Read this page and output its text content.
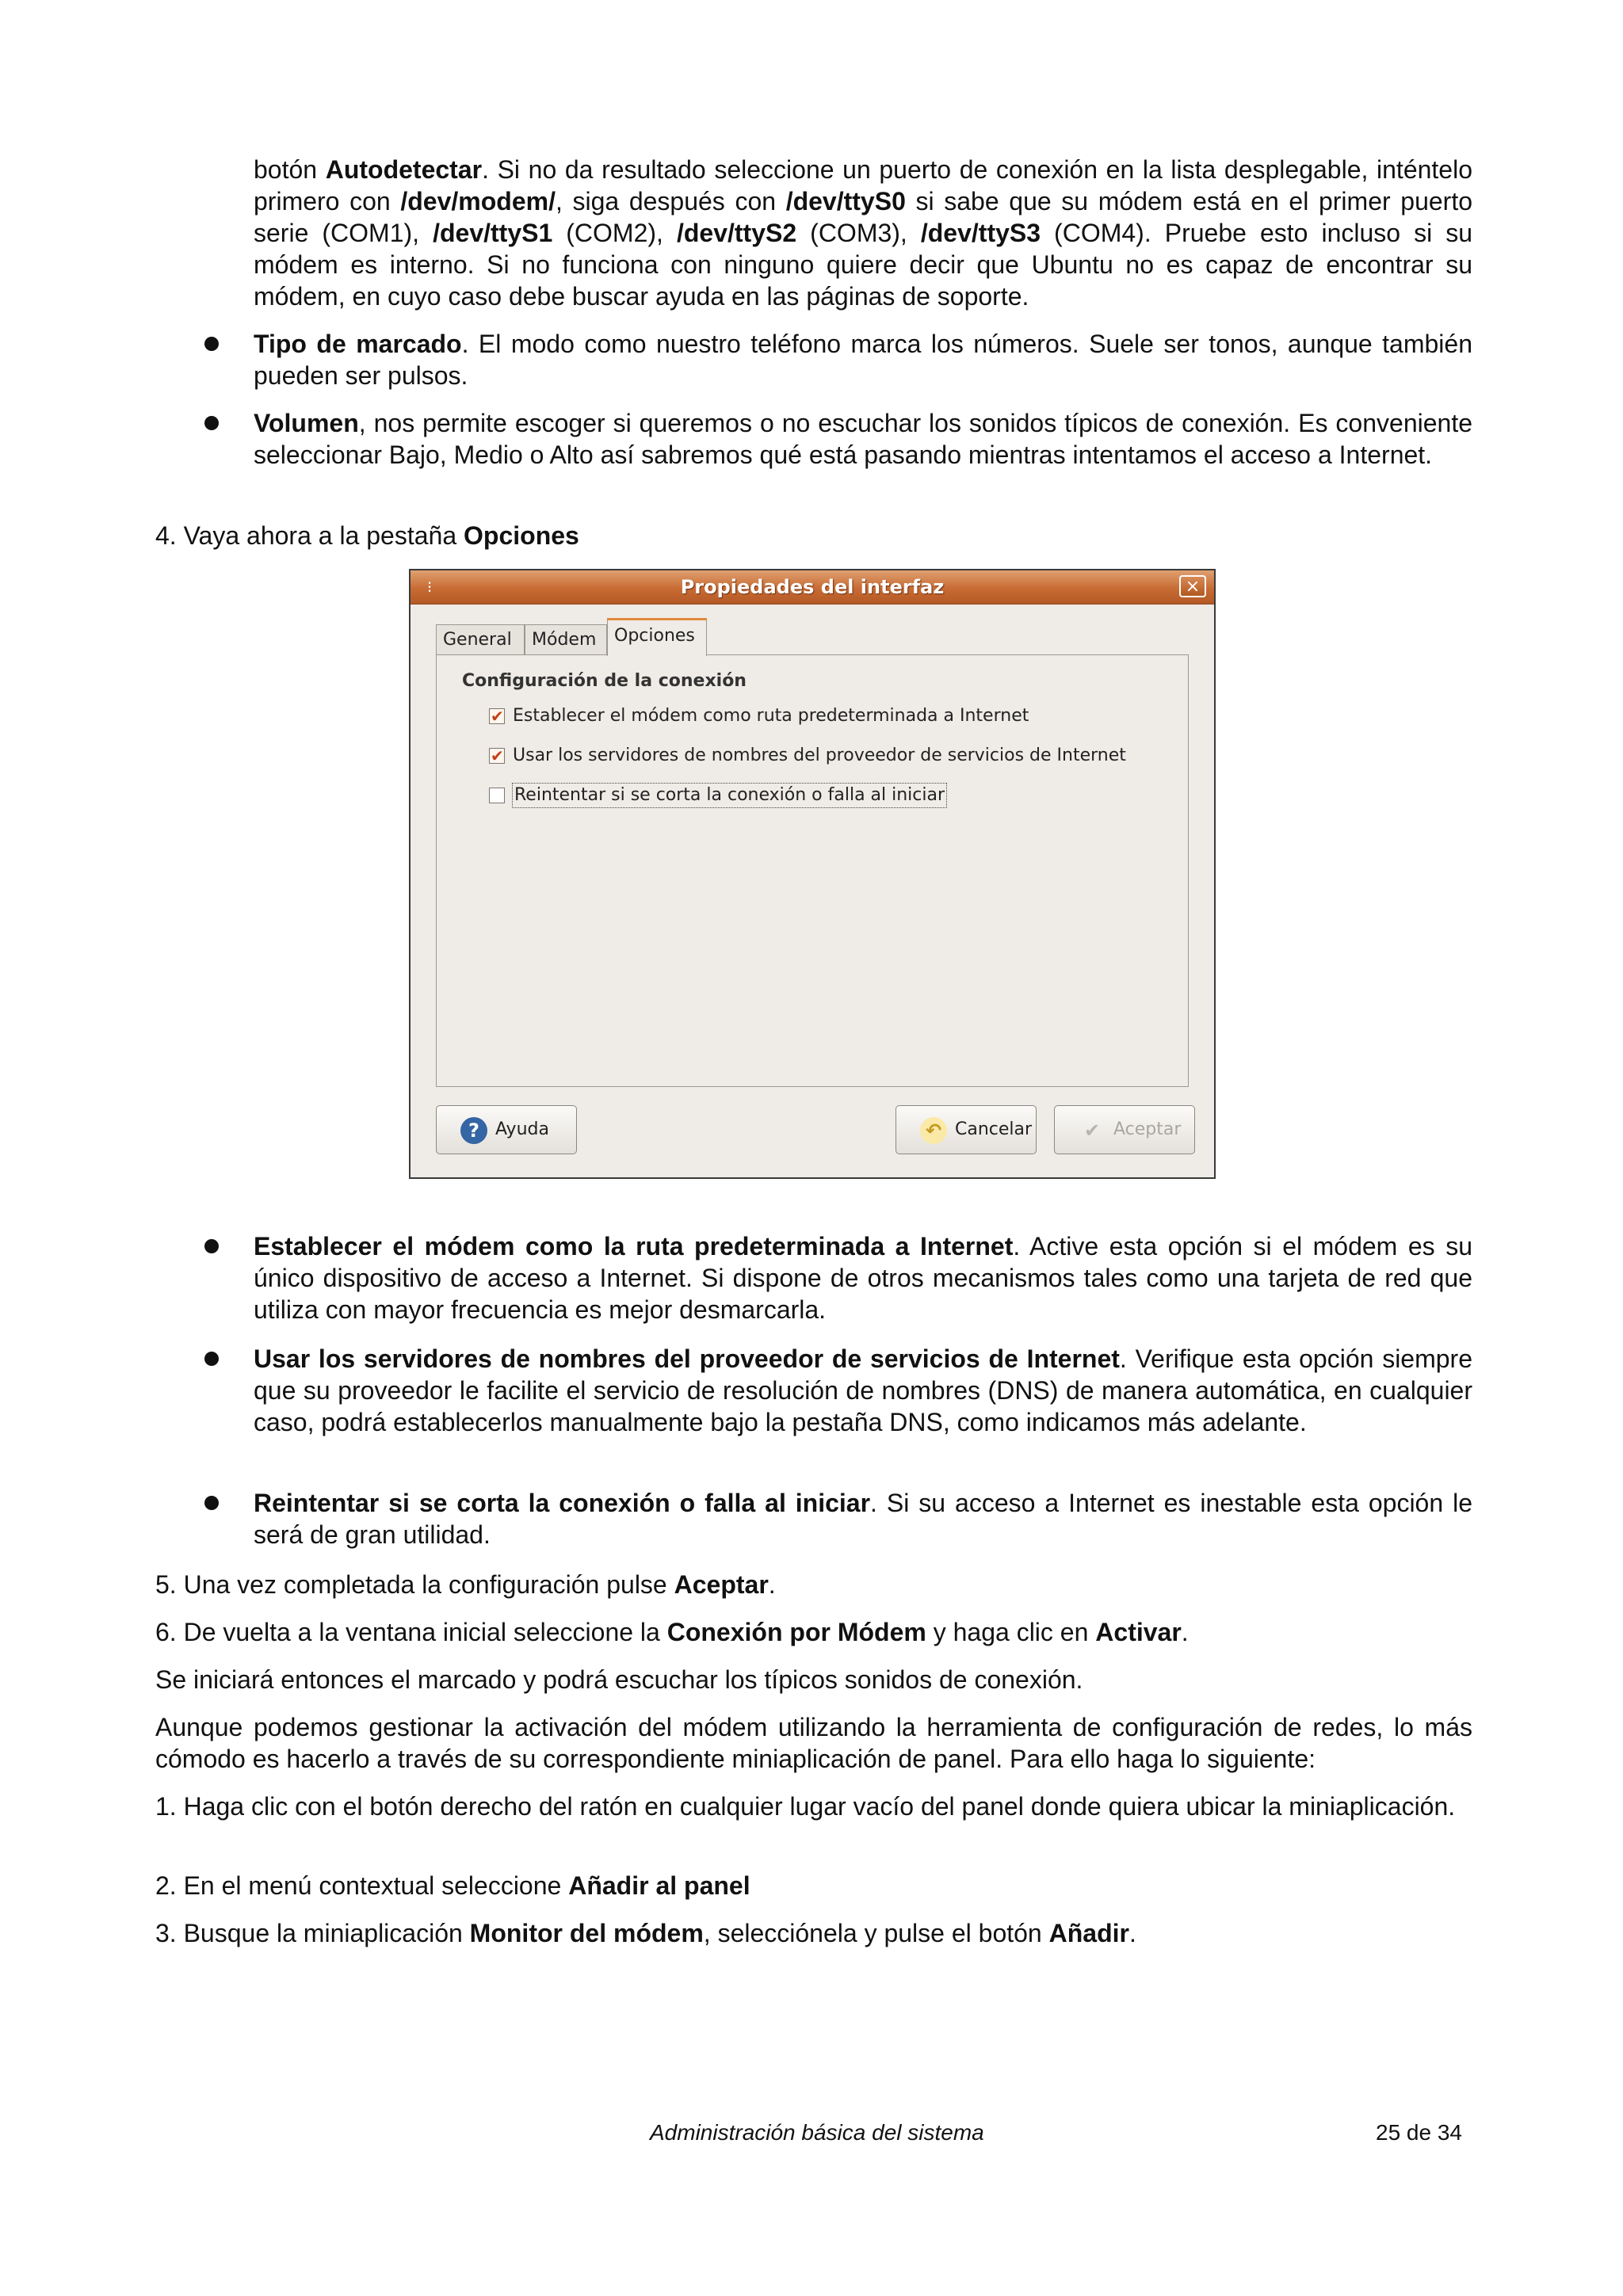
botón Autodetectar. Si no da resultado seleccione un puerto de conexión en la lista desplegable, inténtelo primero con /dev/modem/, siga después con /dev/ttyS0 si sabe que su módem está en el primer puerto serie (COM1), /dev/ttyS1 (COM2), /dev/ttyS2 (COM3), /dev/ttyS3 (COM4). Pruebe esto incluso si su módem es interno. Si no funciona con ninguno quiere decir que Ubuntu no es capaz de encontrar su módem, en cuyo caso debe buscar ayuda en las páginas de soporte.
Tipo de marcado. El modo como nuestro teléfono marca los números. Suele ser tonos, aunque también pueden ser pulsos.
Volumen, nos permite escoger si queremos o no escuchar los sonidos típicos de conexión. Es conveniente seleccionar Bajo, Medio o Alto así sabremos qué está pasando mientras intentamos el acceso a Internet.
4. Vaya ahora a la pestaña Opciones
⁝	Propiedades del interfaz	×
General	Módem	Opciones
Configuración de la conexión
✔
Establecer el módem como ruta predeterminada a Internet
✔
Usar los servidores de nombres del proveedor de servicios de Internet
Reintentar si se corta la conexión o falla al iniciar
? Ayuda	↶ Cancelar	✔ Aceptar
Establecer el módem como la ruta predeterminada a Internet. Active esta opción si el módem es su único dispositivo de acceso a Internet. Si dispone de otros mecanismos tales como una tarjeta de red que utiliza con mayor frecuencia es mejor desmarcarla.
Usar los servidores de nombres del proveedor de servicios de Internet. Verifique esta opción siempre que su proveedor le facilite el servicio de resolución de nombres (DNS) de manera automática, en cualquier caso, podrá establecerlos manualmente bajo la pestaña DNS, como indicamos más adelante.
Reintentar si se corta la conexión o falla al iniciar. Si su acceso a Internet es inestable esta opción le será de gran utilidad.
5. Una vez completada la configuración pulse Aceptar.
6. De vuelta a la ventana inicial seleccione la Conexión por Módem y haga clic en Activar.
Se iniciará entonces el marcado y podrá escuchar los típicos sonidos de conexión.
Aunque podemos gestionar la activación del módem utilizando la herramienta de configuración de redes, lo más cómodo es hacerlo a través de su correspondiente miniaplicación de panel. Para ello haga lo siguiente:
1. Haga clic con el botón derecho del ratón en cualquier lugar vacío del panel donde quiera ubicar la miniaplicación.
2. En el menú contextual seleccione Añadir al panel
3. Busque la miniaplicación Monitor del módem, selecciónela y pulse el botón Añadir.
Administración básica del sistema	25 de 34
